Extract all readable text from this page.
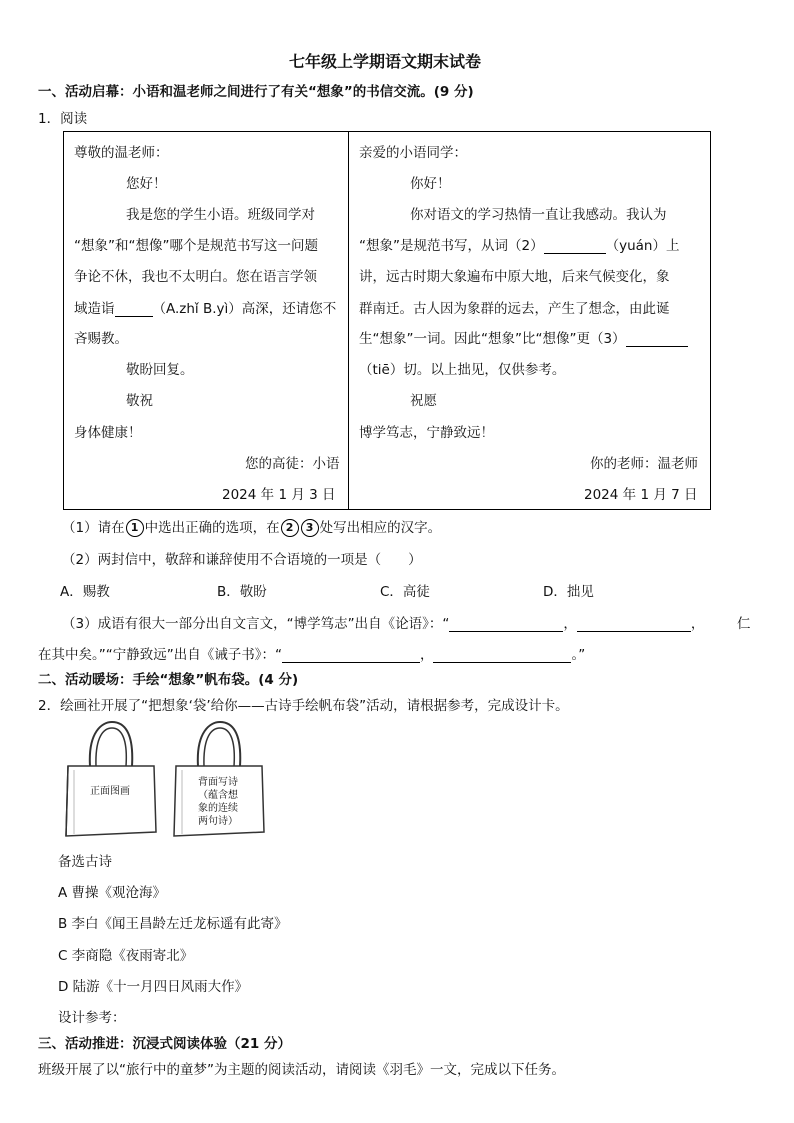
七年级上学期语文期末试卷
一、活动启幕：小语和温老师之间进行了有关“想象”的书信交流。(9 分)
1．阅读
尊敬的温老师：
您好！
我是您的学生小语。班级同学对
“想象”和“想像”哪个是规范书写这一问题
争论不休，我也不太明白。您在语言学领
域造诣	（A.zhǐ B.yì）高深，还请您不
吝赐教。
敬盼回复。
敬祝
身体健康！
您的高徒：小语
2024 年 1 月 3 日
亲爱的小语同学：
你好！
你对语文的学习热情一直让我感动。我认为
“想象”是规范书写，从词（2）	（yuán）上
讲，远古时期大象遍布中原大地，后来气候变化，象
群南迁。古人因为象群的远去，产生了想念，由此诞
生“想象”一词。因此“想象”比“想像”更（3）
（tiē）切。以上拙见，仅供参考。
祝愿
博学笃志，宁静致远！
你的老师：温老师
2024 年 1 月 7 日
（1）请在 1 中选出正确的选项，在 2 3 处写出相应的汉字。
（2）两封信中，敬辞和谦辞使用不合语境的一项是（　　）
A．赐教	B．敬盼	C．高徒	D．拙见
（3）成语有很大一部分出自文言文，“博学笃志”出自《论语》：“	，	， 仁
在其中矣。”“宁静致远”出自《诫子书》：“	，	。”
二、活动暖场：手绘“想象”帆布袋。(4 分)
2．绘画社开展了“把想象‘袋’给你——古诗手绘帆布袋”活动，请根据参考，完成设计卡。
正面图画
背面写诗
（蕴含想
象的连续
两句诗）
备选古诗
A 曹操《观沧海》
B 李白《闻王昌龄左迁龙标遥有此寄》
C 李商隐《夜雨寄北》
D 陆游《十一月四日风雨大作》
设计参考：
三、活动推进：沉浸式阅读体验（21 分）
班级开展了以“旅行中的童梦”为主题的阅读活动，请阅读《羽毛》一文，完成以下任务。
